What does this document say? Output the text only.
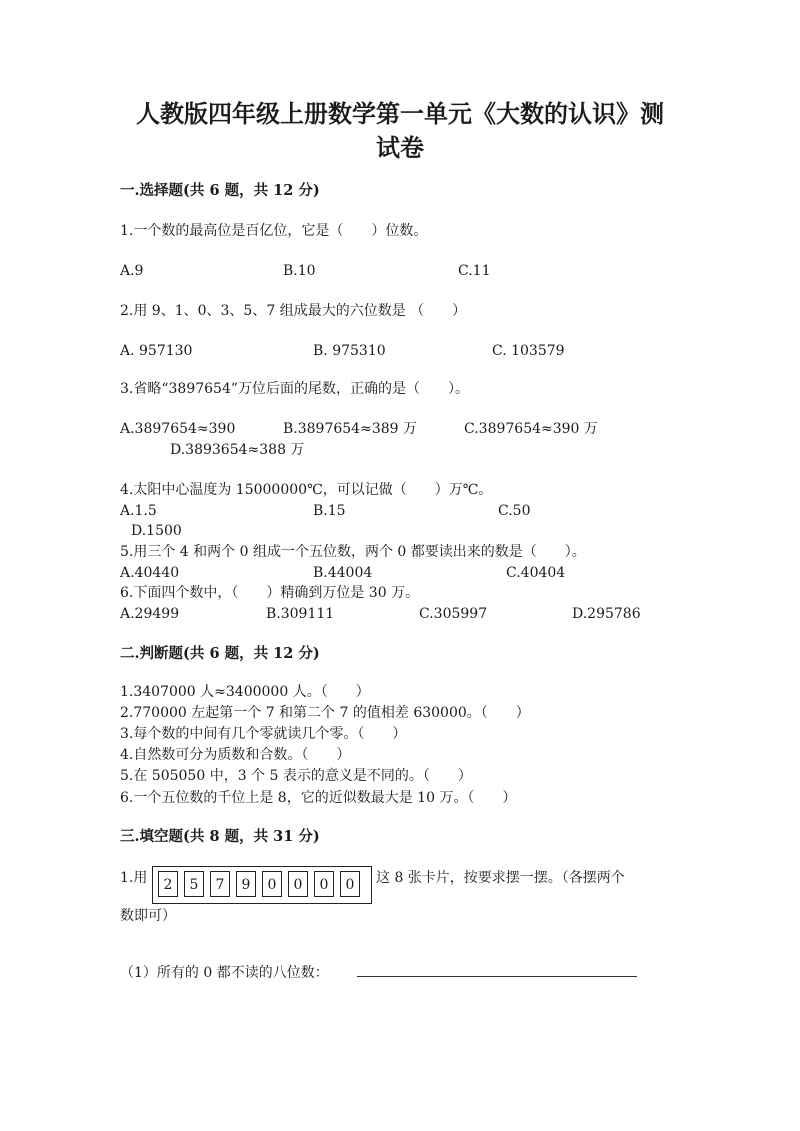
人教版四年级上册数学第一单元《大数的认识》测
试卷
一.选择题(共 6 题，共 12 分)
1.一个数的最高位是百亿位，它是（　　）位数。
A.9	B.10	C.11
2.用 9、1、0、3、5、7 组成最大的六位数是 （　　）
A. 957130	B. 975310	C. 103579
3.省略“3897654”万位后面的尾数，正确的是（　　）。
A.3897654≈390	B.3897654≈389 万	C.3897654≈390 万
D.3893654≈388 万
4.太阳中心温度为 15000000℃，可以记做（　　）万℃。
A.1.5	B.15	C.50
D.1500
5.用三个 4 和两个 0 组成一个五位数，两个 0 都要读出来的数是（　　）。
A.40440	B.44004	C.40404
6.下面四个数中，（　　）精确到万位是 30 万。
A.29499	B.309111	C.305997	D.295786
二.判断题(共 6 题，共 12 分)
1.3407000 人≈3400000 人。（　　）
2.770000 左起第一个 7 和第二个 7 的值相差 630000。（　　）
3.每个数的中间有几个零就读几个零。（　　）
4.自然数可分为质数和合数。（　　）
5.在 505050 中，3 个 5 表示的意义是不同的。（　　）
6.一个五位数的千位上是 8，它的近似数最大是 10 万。（　　）
三.填空题(共 8 题，共 31 分)
1.用	2	5	7	9	0	0	0	0	这 8 张卡片，按要求摆一摆。（各摆两个
数即可）
（1）所有的 0 都不读的八位数：
